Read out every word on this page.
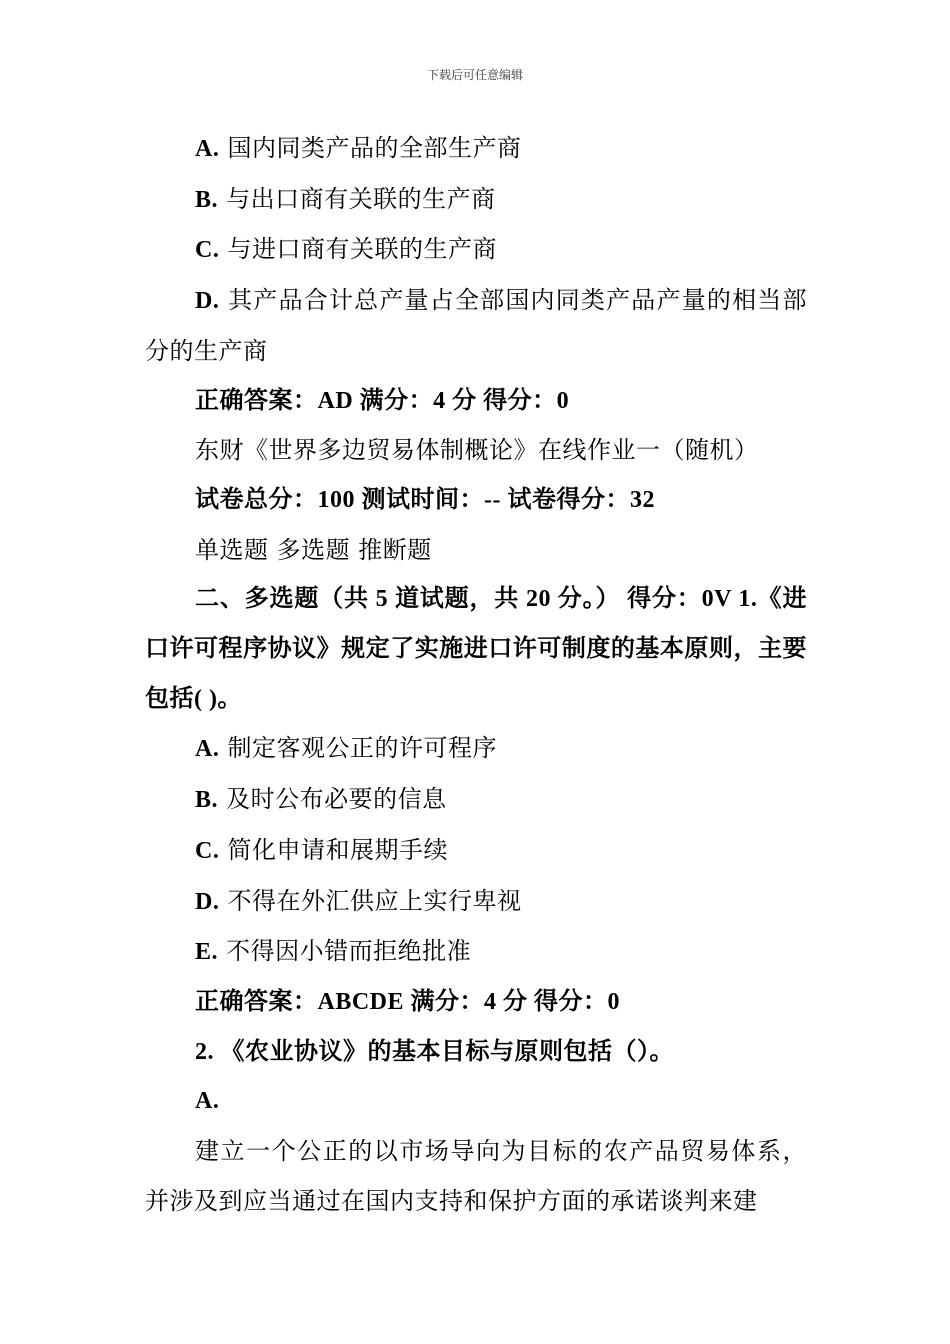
下载后可任意编辑

A. 国内同类产品的全部生产商

B. 与出口商有关联的生产商

C. 与进口商有关联的生产商

D. 其产品合计总产量占全部国内同类产品产量的相当部分的生产商

正确答案：AD 满分：4 分 得分：0

东财《世界多边贸易体制概论》在线作业一（随机）

试卷总分：100 测试时间：-- 试卷得分：32

单选题 多选题 推断题

二、多选题（共 5 道试题，共 20 分。） 得分：0V 1.《进口许可程序协议》规定了实施进口许可制度的基本原则，主要包括( )。

A. 制定客观公正的许可程序

B. 及时公布必要的信息

C. 简化申请和展期手续

D. 不得在外汇供应上实行卑视

E. 不得因小错而拒绝批准

正确答案：ABCDE 满分：4 分 得分：0

2. 《农业协议》的基本目标与原则包括（）。

A.

建立一个公正的以市场导向为目标的农产品贸易体系，并涉及到应当通过在国内支持和保护方面的承诺谈判来建
